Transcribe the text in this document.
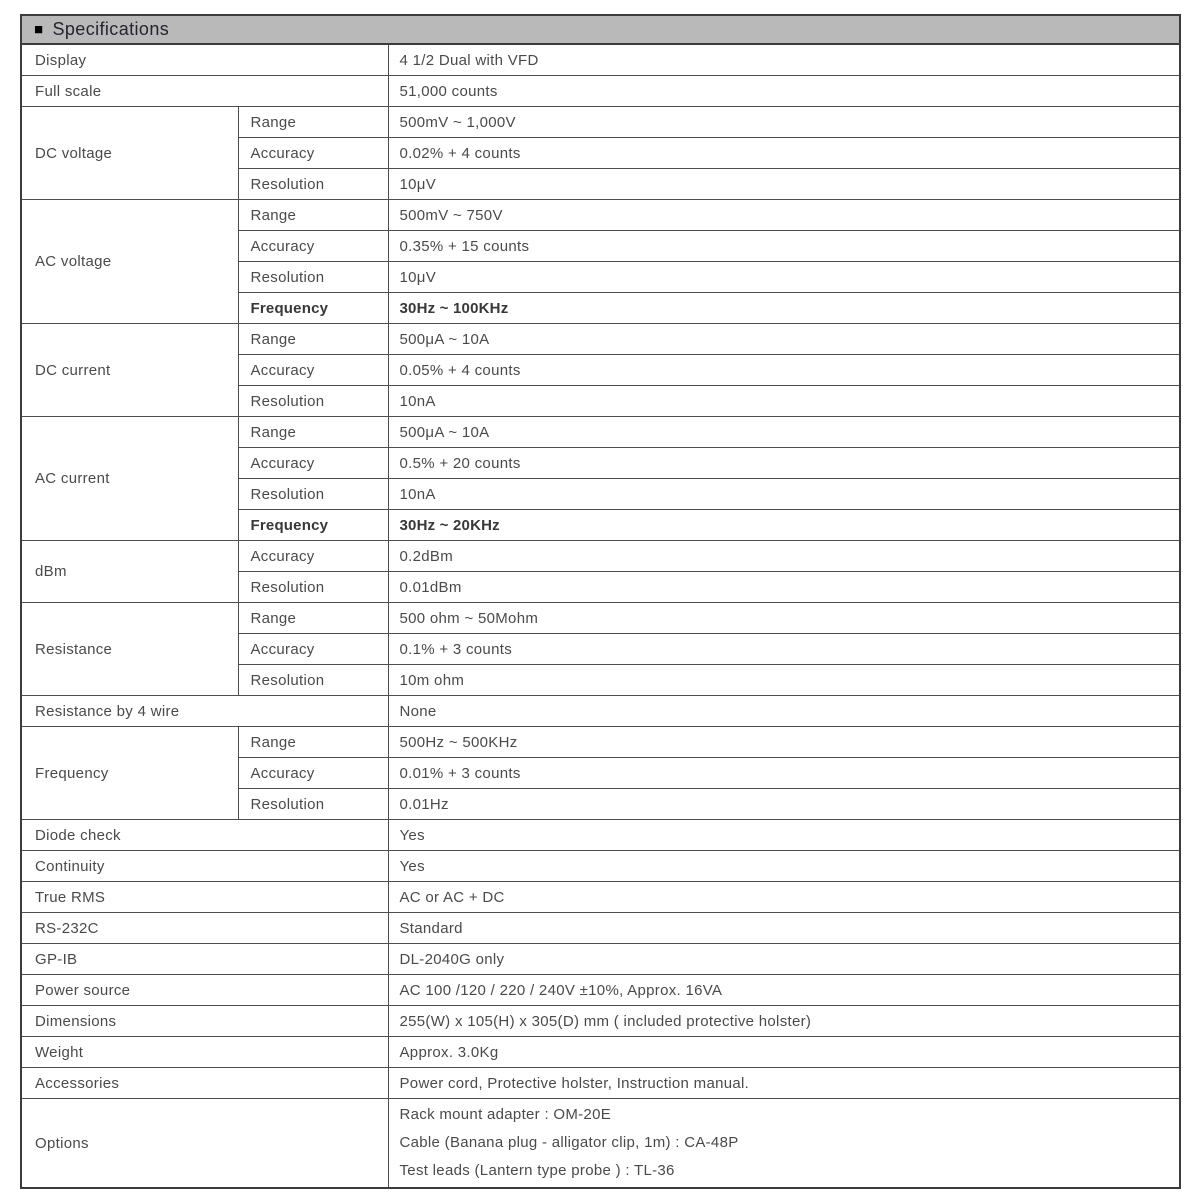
■ Specifications		
Display		4 1/2 Dual with VFD
Full scale		51,000 counts
DC voltage	Range	500mV ~ 1,000V
	Accuracy	0.02% + 4 counts
	Resolution	10μV
AC voltage	Range	500mV ~ 750V
	Accuracy	0.35% + 15 counts
	Resolution	10μV
	Frequency	30Hz ~ 100KHz
DC current	Range	500μA ~ 10A
	Accuracy	0.05% + 4 counts
	Resolution	10nA
AC current	Range	500μA ~ 10A
	Accuracy	0.5% + 20 counts
	Resolution	10nA
	Frequency	30Hz ~ 20KHz
dBm	Accuracy	0.2dBm
	Resolution	0.01dBm
Resistance	Range	500 ohm ~ 50Mohm
	Accuracy	0.1% + 3 counts
	Resolution	10m ohm
Resistance by 4 wire		None
Frequency	Range	500Hz ~ 500KHz
	Accuracy	0.01% + 3 counts
	Resolution	0.01Hz
Diode check		Yes
Continuity		Yes
True RMS		AC or AC + DC
RS-232C		Standard
GP-IB		DL-2040G only
Power source		AC 100 /120 / 220 / 240V ±10%, Approx. 16VA
Dimensions		255(W) x 105(H) x 305(D) mm ( included protective holster)
Weight		Approx. 3.0Kg
Accessories		Power cord, Protective holster, Instruction manual.
Options		Rack mount adapter : OM-20E
Cable (Banana plug - alligator clip, 1m) : CA-48P
Test leads (Lantern type probe ) : TL-36
